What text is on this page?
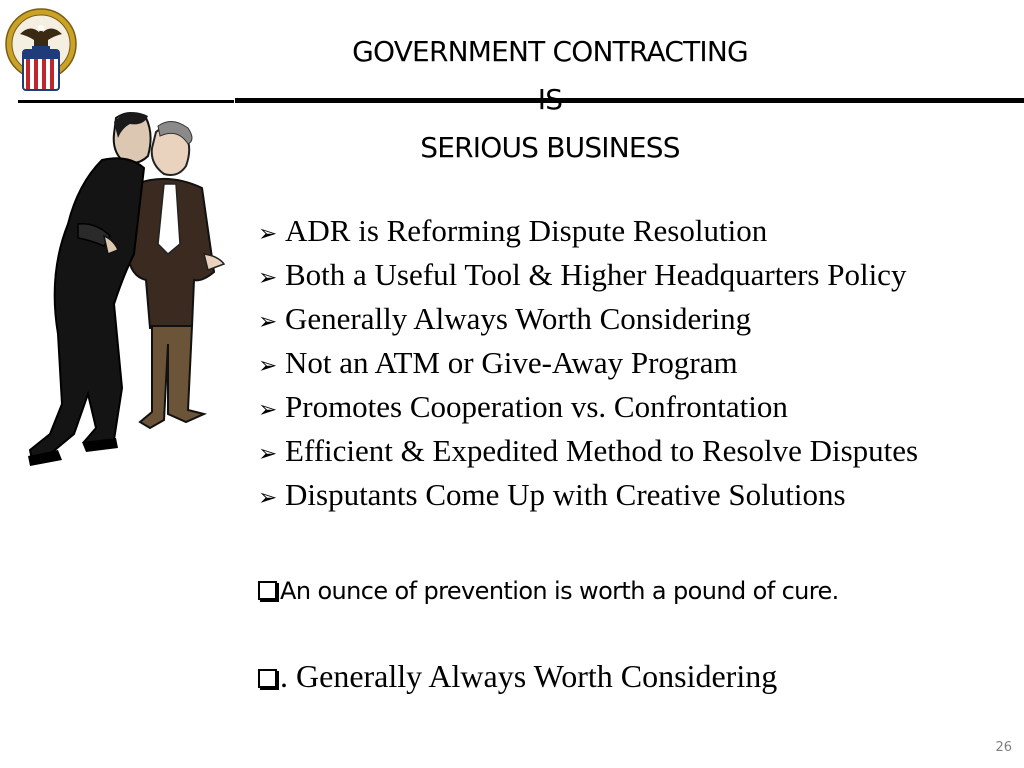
GOVERNMENT CONTRACTING
IS
SERIOUS BUSINESS
➢ ADR is Reforming Dispute Resolution
➢ Both a Useful Tool & Higher Headquarters Policy
➢ Generally Always Worth Considering
➢ Not an ATM or Give-Away Program
➢ Promotes Cooperation vs. Confrontation
➢ Efficient & Expedited Method to Resolve Disputes
➢ Disputants Come Up with Creative Solutions
An ounce of prevention is worth a pound of cure.
. Generally Always Worth Considering
26
